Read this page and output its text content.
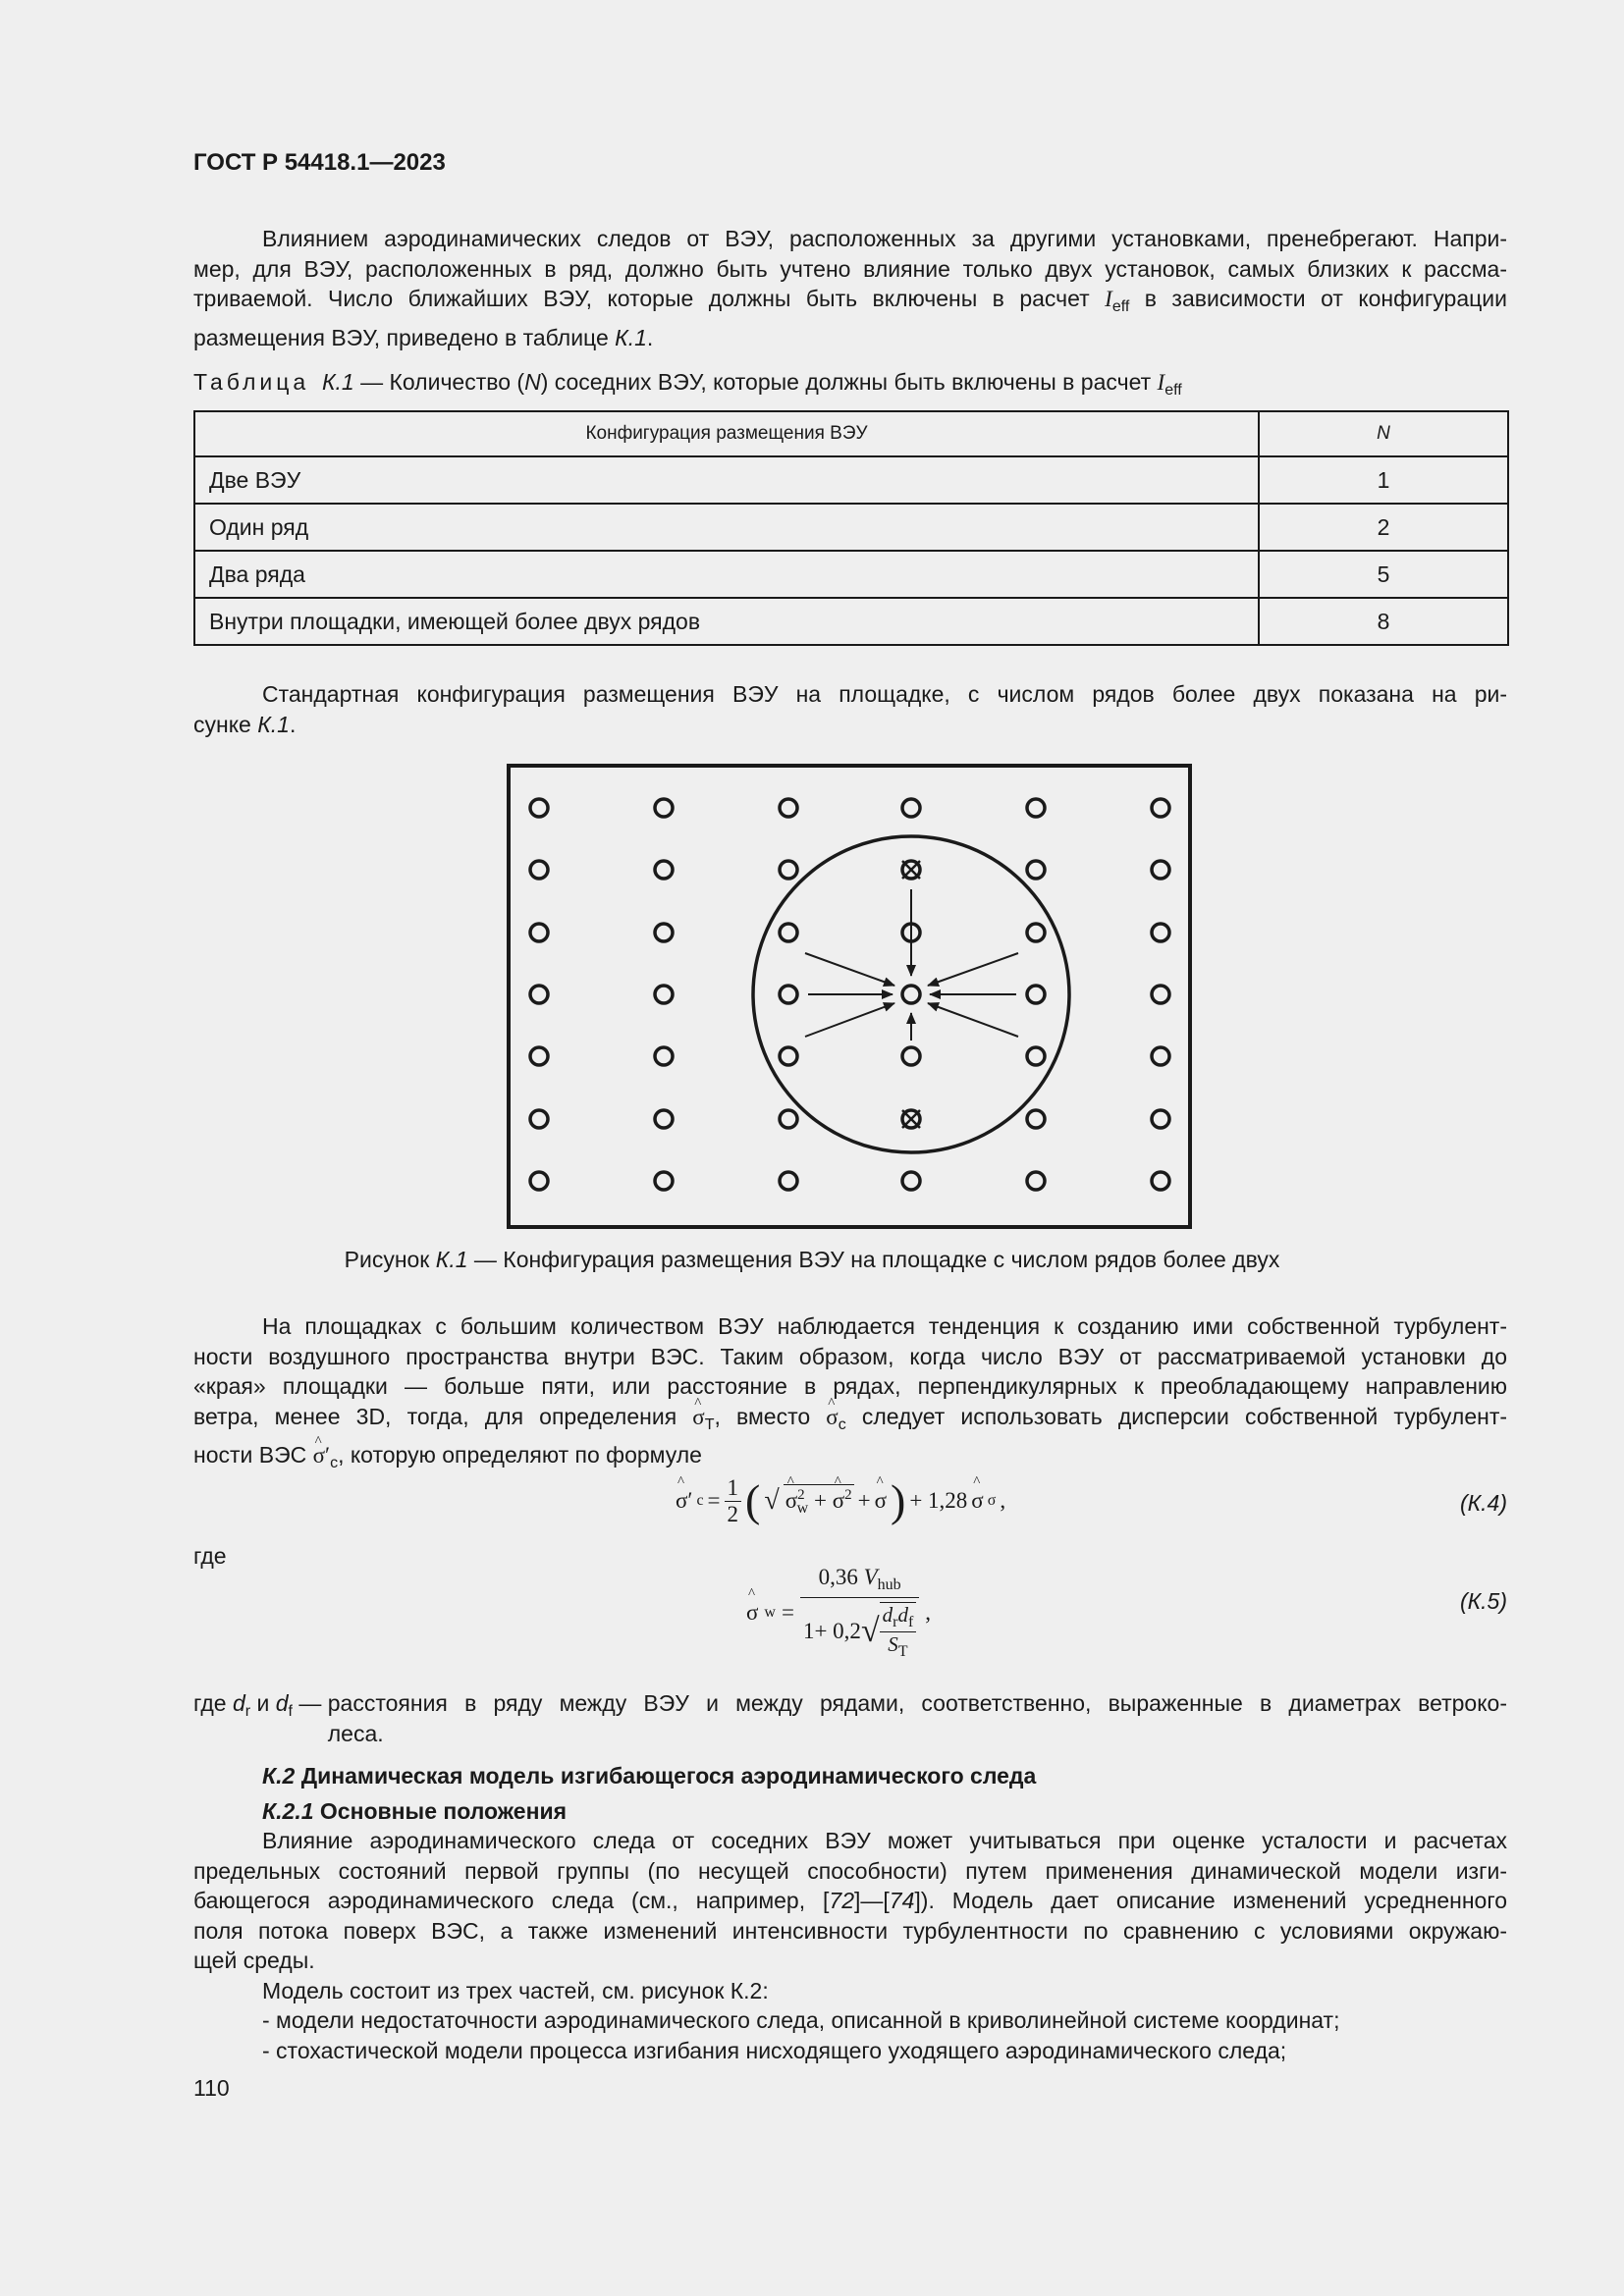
ГОСТ Р 54418.1—2023
Влиянием аэродинамических следов от ВЭУ, расположенных за другими установками, пренебрегают. Напри-
мер, для ВЭУ, расположенных в ряд, должно быть учтено влияние только двух установок, самых близких к рассма-
триваемой. Число ближайших ВЭУ, которые должны быть включены в расчет $I_{eff}$ в зависимости от конфигурации
размещения ВЭУ, приведено в таблице К.1.
Таблица К.1 — Количество (N) соседних ВЭУ, которые должны быть включены в расчет $I_{eff}$
Конфигурация размещения ВЭУ	N
Две ВЭУ	1
Один ряд	2
Два ряда	5
Внутри площадки, имеющей более двух рядов	8
Стандартная конфигурация размещения ВЭУ на площадке, с числом рядов более двух показана на ри-
сунке К.1.
Рисунок К.1 — Конфигурация размещения ВЭУ на площадке с числом рядов более двух
На площадках с большим количеством ВЭУ наблюдается тенденция к созданию ими собственной турбулент-
ности воздушного пространства внутри ВЭС. Таким образом, когда число ВЭУ от рассматриваемой установки до
«края» площадки — больше пяти, или расстояние в рядах, перпендикулярных к преобладающему направлению
ветра, менее 3D, тогда, для определения ^ $\sigma_T$, вместо ^ $\sigma_c$ следует использовать дисперсии собственной турбулент-
ности ВЭС ^ $\sigma'_c$, которую определяют по формуле
^ σ′ $c = \frac{1}{2}$ ( √ ^ $\sigma^2_w$ + ^ $\sigma^2$ + ^ σ ) + 1,28 ^ σ σ ,	(К.4)
где
^ σ $w = \frac{0,36 V_{hub}}{1+ 0,2 √ \frac{d_rd_f}{S_T}}$ ,	(К.5)
где $d_r$ и $d_f$ — расстояния в ряду между ВЭУ и между рядами, соответственно, выраженные в диаметрах ветроко-
леса.
К.2 Динамическая модель изгибающегося аэродинамического следа
К.2.1 Основные положения
Влияние аэродинамического следа от соседних ВЭУ может учитываться при оценке усталости и расчетах
предельных состояний первой группы (по несущей способности) путем применения динамической модели изги-
бающегося аэродинамического следа (см., например, [72]—[74]). Модель дает описание изменений усредненного
поля потока поверх ВЭС, а также изменений интенсивности турбулентности по сравнению с условиями окружаю-
щей среды.
Модель состоит из трех частей, см. рисунок К.2:
- модели недостаточности аэродинамического следа, описанной в криволинейной системе координат;
- стохастической модели процесса изгибания нисходящего уходящего аэродинамического следа;
110
